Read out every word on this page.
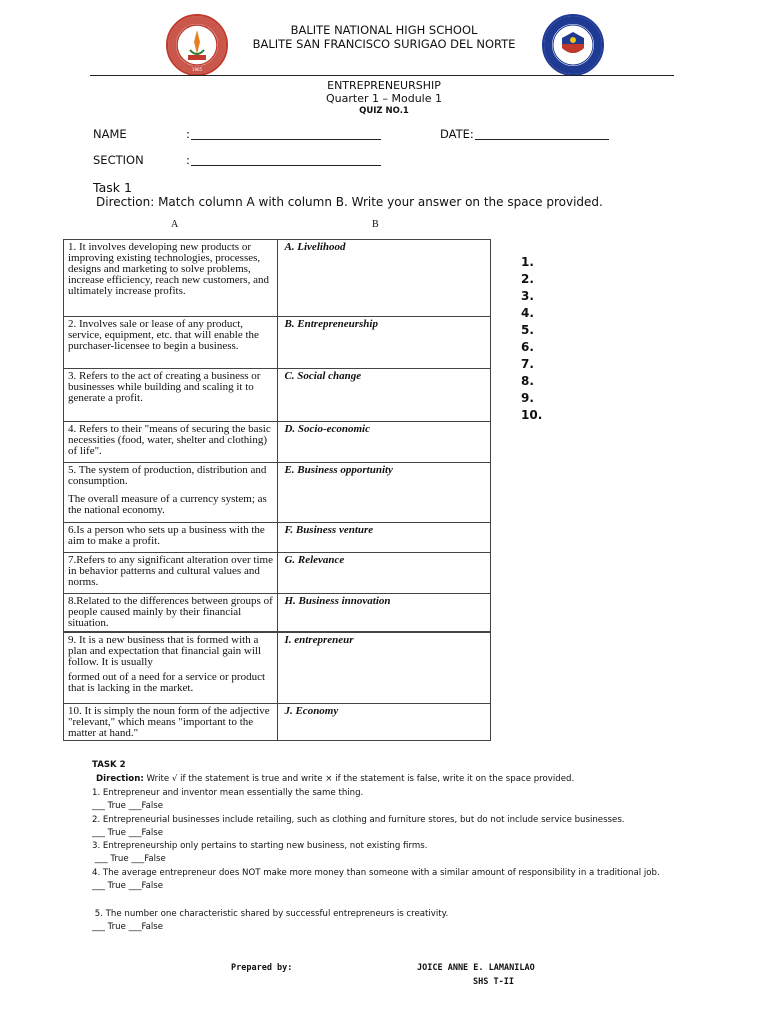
1965
BALITE NATIONAL HIGH SCHOOL
BALITE SAN FRANCISCO SURIGAO DEL NORTE
ENTREPRENEURSHIP
Quarter 1 – Module 1
QUIZ NO.1
NAME	:	DATE:
SECTION	:
Task 1
Direction: Match column A with column B. Write your answer on the space provided.
A	B

1. It involves developing new products or improving existing technologies, processes, designs and marketing to solve problems, increase efficiency, reach new customers, and ultimately increase profits.	A. Livelihood

2. Involves sale or lease of any product, service, equipment, etc. that will enable the purchaser-licensee to begin a business.	B. Entrepreneurship

3. Refers to the act of creating a business or businesses while building and scaling it to generate a profit.	C. Social change

4. Refers to their "means of securing the basic necessities (food, water, shelter and clothing) of life".	D. Socio-economic

5. The system of production, distribution and consumption.

The overall measure of a currency system; as the national economy.	E. Business opportunity

6.Is a person who sets up a business with the aim to make a profit.	F. Business venture

7.Refers to any significant alteration over time in behavior patterns and cultural values and norms.	G. Relevance

8.Related to the differences between groups of people caused mainly by their financial situation.	H. Business innovation

9. It is a new business that is formed with a plan and expectation that financial gain will follow. It is usually

formed out of a need for a service or product that is lacking in the market.	I. entrepreneur

10. It is simply the noun form of the adjective "relevant," which means "important to the matter at hand."	J. Economy
1.
2.
3.
4.
5.
6.
7.
8.
9.
10.
TASK 2
Direction: Write √ if the statement is true and write × if the statement is false, write it on the space provided.
1. Entrepreneur and inventor mean essentially the same thing.
___ True ___False
2. Entrepreneurial businesses include retailing, such as clothing and furniture stores, but do not include service businesses.
___ True ___False
3. Entrepreneurship only pertains to starting new business, not existing firms.
___ True ___False
4. The average entrepreneur does NOT make more money than someone with a similar amount of responsibility in a traditional job.
___ True ___False
5. The number one characteristic shared by successful entrepreneurs is creativity.
___ True ___False
Prepared by:	JOICE ANNE E. LAMANILAO
SHS T-II
